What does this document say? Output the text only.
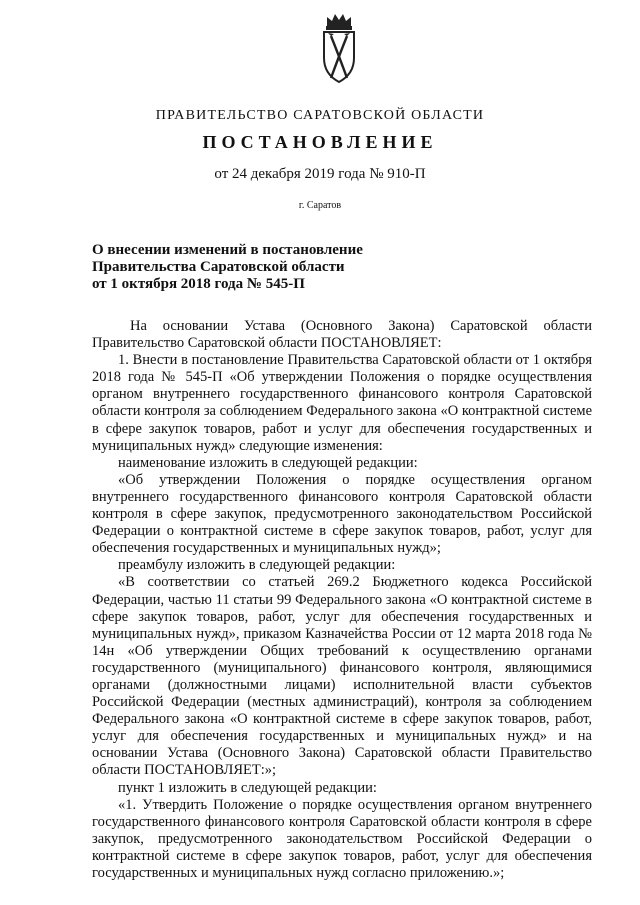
ПРАВИТЕЛЬСТВО САРАТОВСКОЙ ОБЛАСТИ
ПОСТАНОВЛЕНИЕ
от 24 декабря 2019 года № 910-П
г. Саратов
О внесении изменений в постановление
Правительства Саратовской области
от 1 октября 2018 года № 545-П

На основании Устава (Основного Закона) Саратовской области Правительство Саратовской области ПОСТАНОВЛЯЕТ:

1. Внести в постановление Правительства Саратовской области от 1 октября 2018 года № 545-П «Об утверждении Положения о порядке осуществления органом внутреннего государственного финансового контроля Саратовской области контроля за соблюдением Федерального закона «О контрактной системе в сфере закупок товаров, работ и услуг для обеспечения государственных и муниципальных нужд» следующие изменения:

наименование изложить в следующей редакции:

«Об утверждении Положения о порядке осуществления органом внутреннего государственного финансового контроля Саратовской области контроля в сфере закупок, предусмотренного законодательством Российской Федерации о контрактной системе в сфере закупок товаров, работ, услуг для обеспечения государственных и муниципальных нужд»;

преамбулу изложить в следующей редакции:

«В соответствии со статьей 269.2 Бюджетного кодекса Российской Федерации, частью 11 статьи 99 Федерального закона «О контрактной системе в сфере закупок товаров, работ, услуг для обеспечения государственных и муниципальных нужд», приказом Казначейства России от 12 марта 2018 года № 14н «Об утверждении Общих требований к осуществлению органами государственного (муниципального) финансового контроля, являющимися органами (должностными лицами) исполнительной власти субъектов Российской Федерации (местных администраций), контроля за соблюдением Федерального закона «О контрактной системе в сфере закупок товаров, работ, услуг для обеспечения государственных и муниципальных нужд» и на основании Устава (Основного Закона) Саратовской области Правительство области ПОСТАНОВЛЯЕТ:»;

пункт 1 изложить в следующей редакции:

«1. Утвердить Положение о порядке осуществления органом внутреннего государственного финансового контроля Саратовской области контроля в сфере закупок, предусмотренного законодательством Российской Федерации о контрактной системе в сфере закупок товаров, работ, услуг для обеспечения государственных и муниципальных нужд согласно приложению.»;
